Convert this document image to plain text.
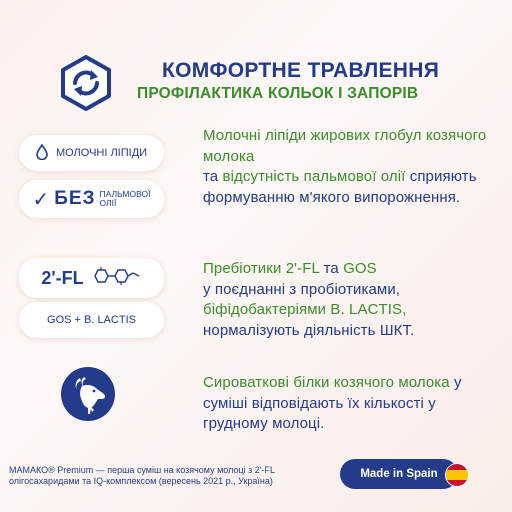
КОМФОРТНЕ ТРАВЛЕННЯ
ПРОФІЛАКТИКА КОЛЬОК І ЗАПОРІВ
МОЛОЧНІ ЛІПІДИ
✓ БЕЗ ПАЛЬМОВОЇ
ОЛІЇ
2'-FL
GOS + B. LACTIS
Молочні ліпіди жирових глобул козячого молока
та відсутність пальмової олії сприяють формуванню м'якого випорожнення.
Пребіотики 2'-FL та GOS
у поєднанні з пробіотиками,
біфідобактеріями B. LACTIS,
нормалізують діяльність ШКТ.
Сироваткові білки козячого молока у суміші відповідають їх кількості у грудному молоці.
МАМАКО® Premium — перша суміш на козячому молоці з 2'-FL олігосахаридами та IQ-комплексом (вересень 2021 р., Україна)
Made in Spain
